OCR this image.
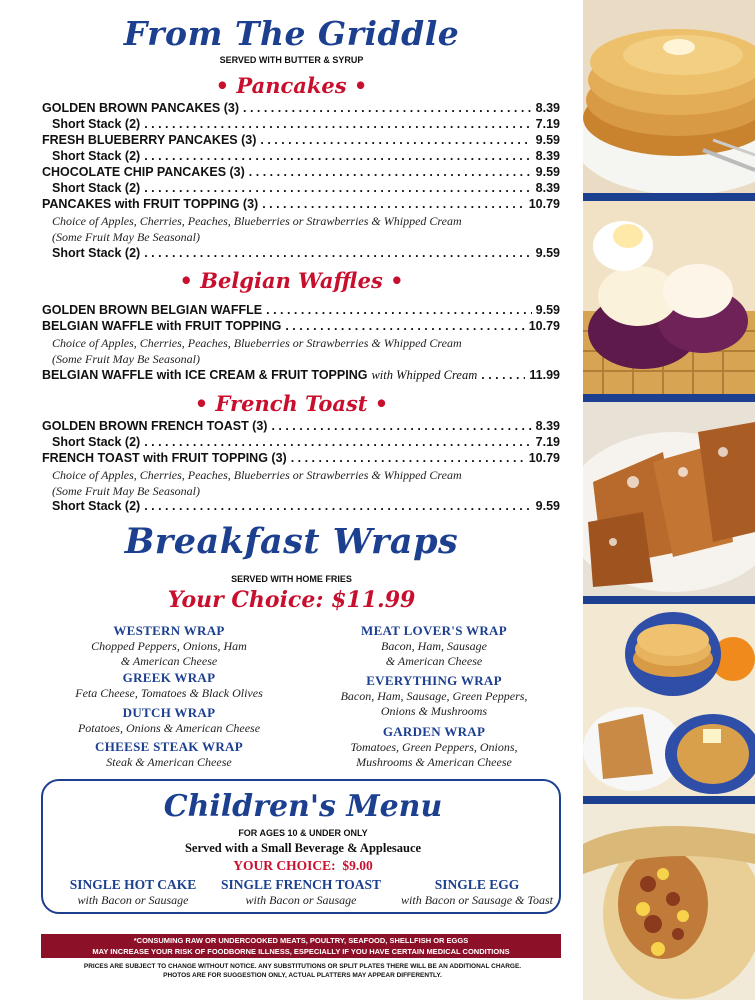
From The Griddle
SERVED WITH BUTTER & SYRUP
• Pancakes •
GOLDEN BROWN PANCAKES (3) . . .	8.39
Short Stack (2) . . .	7.19
FRESH BLUEBERRY PANCAKES (3) . . .	9.59
Short Stack (2) . . .	8.39
CHOCOLATE CHIP PANCAKES (3) . . .	9.59
Short Stack (2) . . .	8.39
PANCAKES with FRUIT TOPPING (3) . . .	10.79
Choice of Apples, Cherries, Peaches, Blueberries or Strawberries & Whipped Cream
(Some Fruit May Be Seasonal)
Short Stack (2) . . .	9.59
• Belgian Waffles •
GOLDEN BROWN BELGIAN WAFFLE . . .	9.59
BELGIAN WAFFLE with FRUIT TOPPING . . .	10.79
Choice of Apples, Cherries, Peaches, Blueberries or Strawberries & Whipped Cream
(Some Fruit May Be Seasonal)
BELGIAN WAFFLE with ICE CREAM & FRUIT TOPPING with Whipped Cream . . .	11.99
• French Toast •
GOLDEN BROWN FRENCH TOAST (3) . . .	8.39
Short Stack (2) . . .	7.19
FRENCH TOAST with FRUIT TOPPING (3) . . .	10.79
Choice of Apples, Cherries, Peaches, Blueberries or Strawberries & Whipped Cream
(Some Fruit May Be Seasonal)
Short Stack (2) . . .	9.59
Breakfast Wraps
SERVED WITH HOME FRIES
Your Choice: $11.99
WESTERN WRAP
Chopped Peppers, Onions, Ham
& American Cheese
GREEK WRAP
Feta Cheese, Tomatoes & Black Olives
DUTCH WRAP
Potatoes, Onions & American Cheese
CHEESE STEAK WRAP
Steak & American Cheese
MEAT LOVER'S WRAP
Bacon, Ham, Sausage
& American Cheese
EVERYTHING WRAP
Bacon, Ham, Sausage, Green Peppers,
Onions & Mushrooms
GARDEN WRAP
Tomatoes, Green Peppers, Onions,
Mushrooms & American Cheese
Children's Menu
FOR AGES 10 & UNDER ONLY
Served with a Small Beverage & Applesauce
YOUR CHOICE:  $9.00
SINGLE HOT CAKE
with Bacon or Sausage
SINGLE FRENCH TOAST
with Bacon or Sausage
SINGLE EGG
with Bacon or Sausage & Toast
*CONSUMING RAW OR UNDERCOOKED MEATS, POULTRY, SEAFOOD, SHELLFISH OR EGGS
MAY INCREASE YOUR RISK OF FOODBORNE ILLNESS, ESPECIALLY IF YOU HAVE CERTAIN MEDICAL CONDITIONS
PRICES ARE SUBJECT TO CHANGE WITHOUT NOTICE. ANY SUBSTITUTIONS OR SPLIT PLATES THERE WILL BE AN ADDITIONAL CHARGE.
PHOTOS ARE FOR SUGGESTION ONLY, ACTUAL PLATTERS MAY APPEAR DIFFERENTLY.
